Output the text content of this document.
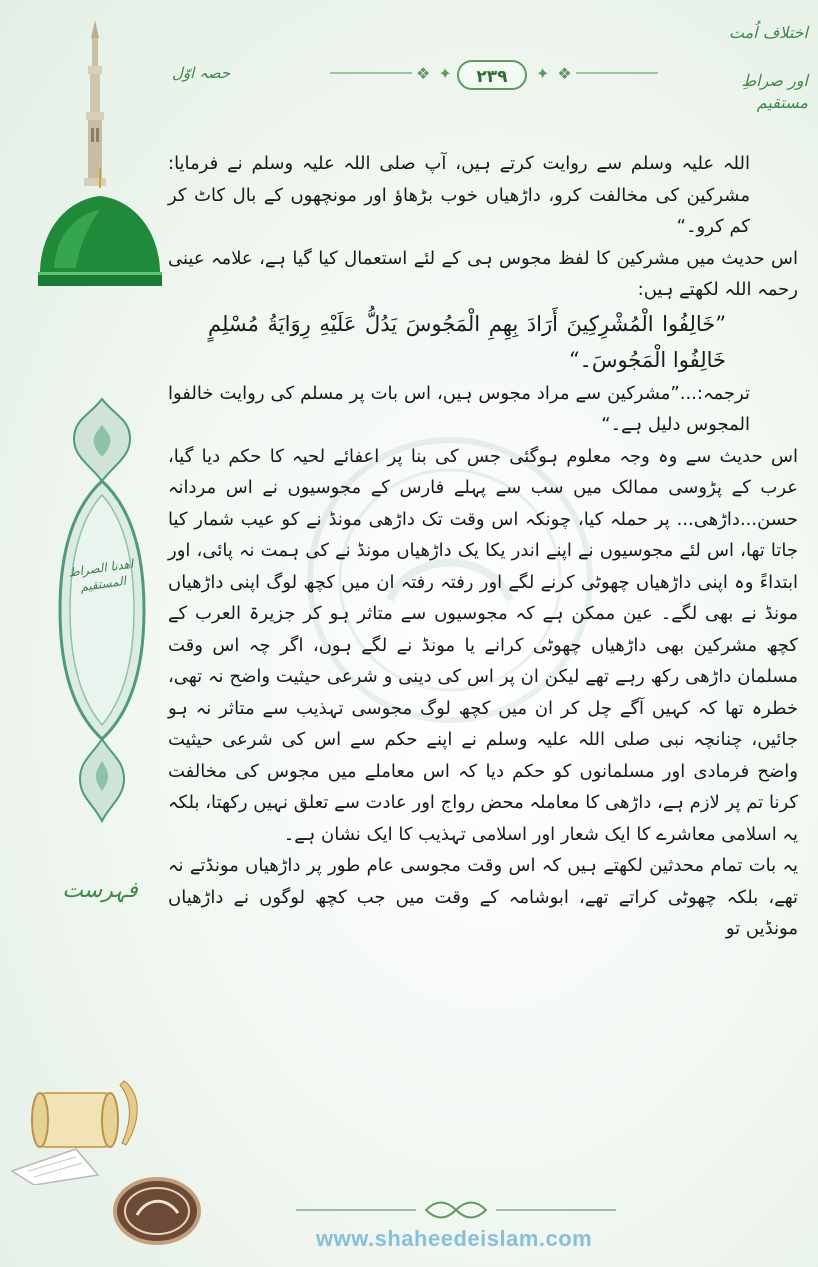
اختلاف اُمت
اور صراطِ مستقیم
❖ ✦	۲۳۹	✦ ❖
حصہ اوّل
اھدنا الصراط المستقیم
فہرست

اللہ علیہ وسلم سے روایت کرتے ہیں، آپ صلی اللہ علیہ وسلم نے فرمایا: مشرکین کی مخالفت کرو، داڑھیاں خوب بڑھاؤ اور مونچھوں کے بال کاٹ کر کم کرو۔“

اس حدیث میں مشرکین کا لفظ مجوس ہی کے لئے استعمال کیا گیا ہے، علامہ عینی رحمہ اللہ لکھتے ہیں:

”خَالِفُوا الْمُشْرِكِينَ أَرَادَ بِهِمِ الْمَجُوسَ يَدُلُّ عَلَيْهِ رِوَايَةُ مُسْلِمٍ خَالِفُوا الْمَجُوسَ۔“

ترجمہ:...”مشرکین سے مراد مجوس ہیں، اس بات پر مسلم کی روایت خالفوا المجوس دلیل ہے۔“

اس حدیث سے وہ وجہ معلوم ہوگئی جس کی بنا پر اعفائے لحیہ کا حکم دیا گیا، عرب کے پڑوسی ممالک میں سب سے پہلے فارس کے مجوسیوں نے اس مردانہ حسن...داڑھی... پر حملہ کیا، چونکہ اس وقت تک داڑھی مونڈ نے کو عیب شمار کیا جاتا تھا، اس لئے مجوسیوں نے اپنے اندر یکا یک داڑھیاں مونڈ نے کی ہمت نہ پائی، اور ابتداءً وہ اپنی داڑھیاں چھوٹی کرنے لگے اور رفتہ رفتہ ان میں کچھ لوگ اپنی داڑھیاں مونڈ نے بھی لگے۔ عین ممکن ہے کہ مجوسیوں سے متاثر ہو کر جزیرۃ العرب کے کچھ مشرکین بھی داڑھیاں چھوٹی کرانے یا مونڈ نے لگے ہوں، اگر چہ اس وقت مسلمان داڑھی رکھ رہے تھے لیکن ان پر اس کی دینی و شرعی حیثیت واضح نہ تھی، خطرہ تھا کہ کہیں آگے چل کر ان میں کچھ لوگ مجوسی تہذیب سے متاثر نہ ہو جائیں، چنانچہ نبی صلی اللہ علیہ وسلم نے اپنے حکم سے اس کی شرعی حیثیت واضح فرمادی اور مسلمانوں کو حکم دیا کہ اس معاملے میں مجوس کی مخالفت کرنا تم پر لازم ہے، داڑھی کا معاملہ محض رواج اور عادت سے تعلق نہیں رکھتا، بلکہ یہ اسلامی معاشرے کا ایک شعار اور اسلامی تہذیب کا ایک نشان ہے۔

یہ بات تمام محدثین لکھتے ہیں کہ اس وقت مجوسی عام طور پر داڑھیاں مونڈتے نہ تھے، بلکہ چھوٹی کراتے تھے، ابوشامہ کے وقت میں جب کچھ لوگوں نے داڑھیاں مونڈیں تو

www.shaheedeislam.com
